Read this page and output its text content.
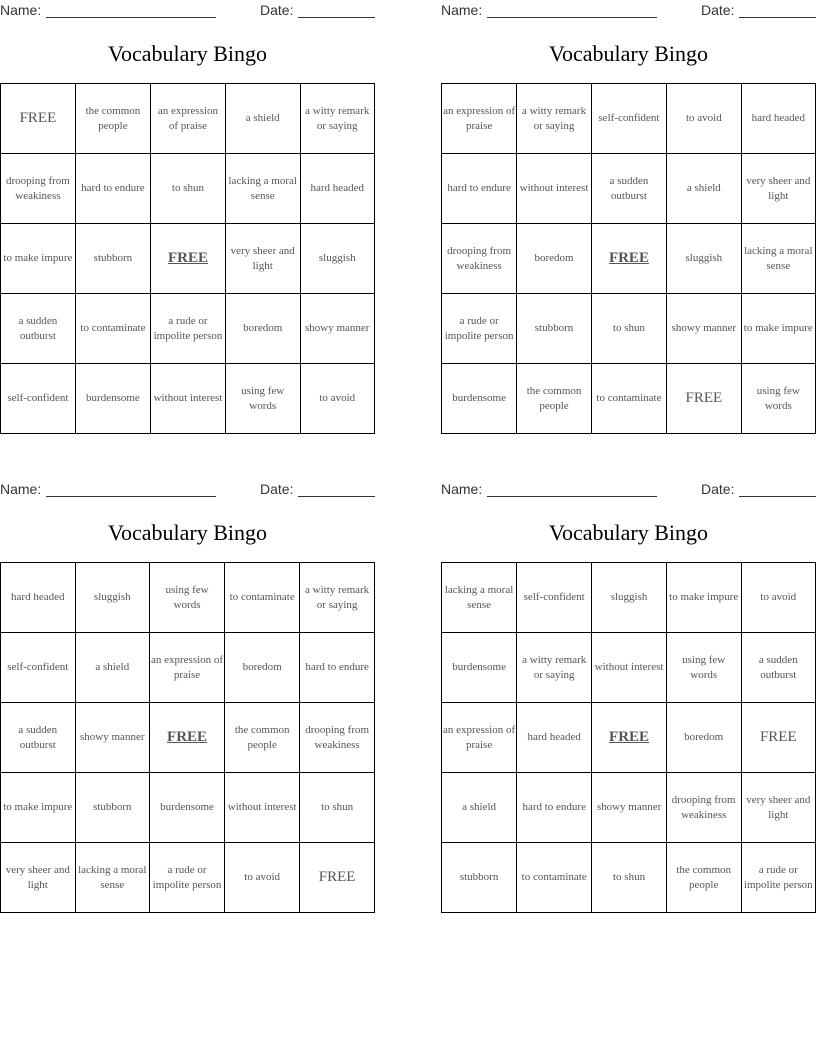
Name:	Date:
Vocabulary Bingo
FREE	the common people	an expression of praise	a shield	a witty remark or saying
drooping from weakiness	hard to endure	to shun	lacking a moral sense	hard headed
to make impure	stubborn	FREE	very sheer and light	sluggish
a sudden outburst	to contaminate	a rude or impolite person	boredom	showy manner
self-confident	burdensome	without interest	using few words	to avoid
Name:	Date:
Vocabulary Bingo
an expression of praise	a witty remark or saying	self-confident	to avoid	hard headed
hard to endure	without interest	a sudden outburst	a shield	very sheer and light
drooping from weakiness	boredom	FREE	sluggish	lacking a moral sense
a rude or impolite person	stubborn	to shun	showy manner	to make impure
burdensome	the common people	to contaminate	FREE	using few words
Name:	Date:
Vocabulary Bingo
hard headed	sluggish	using few words	to contaminate	a witty remark or saying
self-confident	a shield	an expression of praise	boredom	hard to endure
a sudden outburst	showy manner	FREE	the common people	drooping from weakiness
to make impure	stubborn	burdensome	without interest	to shun
very sheer and light	lacking a moral sense	a rude or impolite person	to avoid	FREE
Name:	Date:
Vocabulary Bingo
lacking a moral sense	self-confident	sluggish	to make impure	to avoid
burdensome	a witty remark or saying	without interest	using few words	a sudden outburst
an expression of praise	hard headed	FREE	boredom	FREE
a shield	hard to endure	showy manner	drooping from weakiness	very sheer and light
stubborn	to contaminate	to shun	the common people	a rude or impolite person
